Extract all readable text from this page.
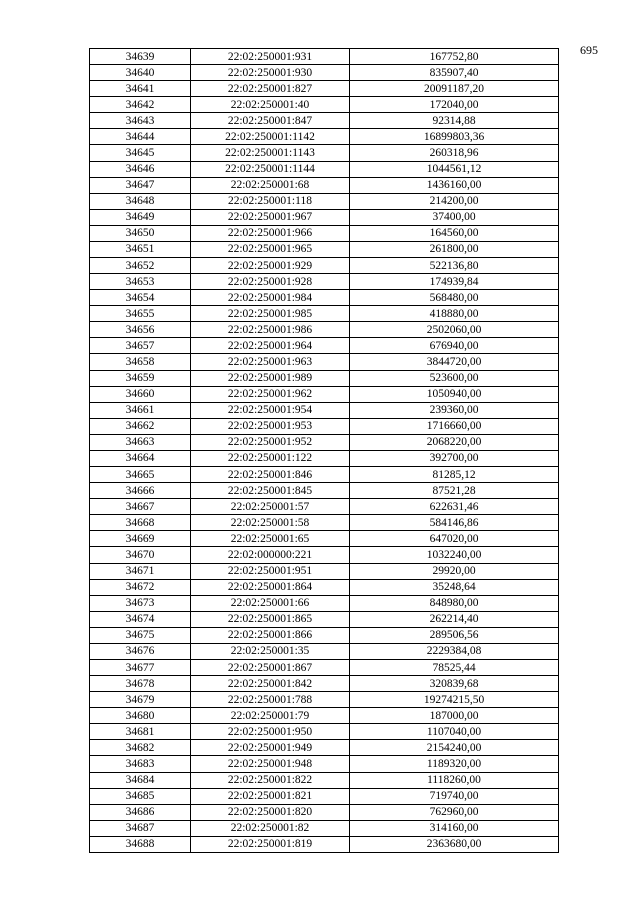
695
34639	22:02:250001:931	167752,80
34640	22:02:250001:930	835907,40
34641	22:02:250001:827	20091187,20
34642	22:02:250001:40	172040,00
34643	22:02:250001:847	92314,88
34644	22:02:250001:1142	16899803,36
34645	22:02:250001:1143	260318,96
34646	22:02:250001:1144	1044561,12
34647	22:02:250001:68	1436160,00
34648	22:02:250001:118	214200,00
34649	22:02:250001:967	37400,00
34650	22:02:250001:966	164560,00
34651	22:02:250001:965	261800,00
34652	22:02:250001:929	522136,80
34653	22:02:250001:928	174939,84
34654	22:02:250001:984	568480,00
34655	22:02:250001:985	418880,00
34656	22:02:250001:986	2502060,00
34657	22:02:250001:964	676940,00
34658	22:02:250001:963	3844720,00
34659	22:02:250001:989	523600,00
34660	22:02:250001:962	1050940,00
34661	22:02:250001:954	239360,00
34662	22:02:250001:953	1716660,00
34663	22:02:250001:952	2068220,00
34664	22:02:250001:122	392700,00
34665	22:02:250001:846	81285,12
34666	22:02:250001:845	87521,28
34667	22:02:250001:57	622631,46
34668	22:02:250001:58	584146,86
34669	22:02:250001:65	647020,00
34670	22:02:000000:221	1032240,00
34671	22:02:250001:951	29920,00
34672	22:02:250001:864	35248,64
34673	22:02:250001:66	848980,00
34674	22:02:250001:865	262214,40
34675	22:02:250001:866	289506,56
34676	22:02:250001:35	2229384,08
34677	22:02:250001:867	78525,44
34678	22:02:250001:842	320839,68
34679	22:02:250001:788	19274215,50
34680	22:02:250001:79	187000,00
34681	22:02:250001:950	1107040,00
34682	22:02:250001:949	2154240,00
34683	22:02:250001:948	1189320,00
34684	22:02:250001:822	1118260,00
34685	22:02:250001:821	719740,00
34686	22:02:250001:820	762960,00
34687	22:02:250001:82	314160,00
34688	22:02:250001:819	2363680,00
